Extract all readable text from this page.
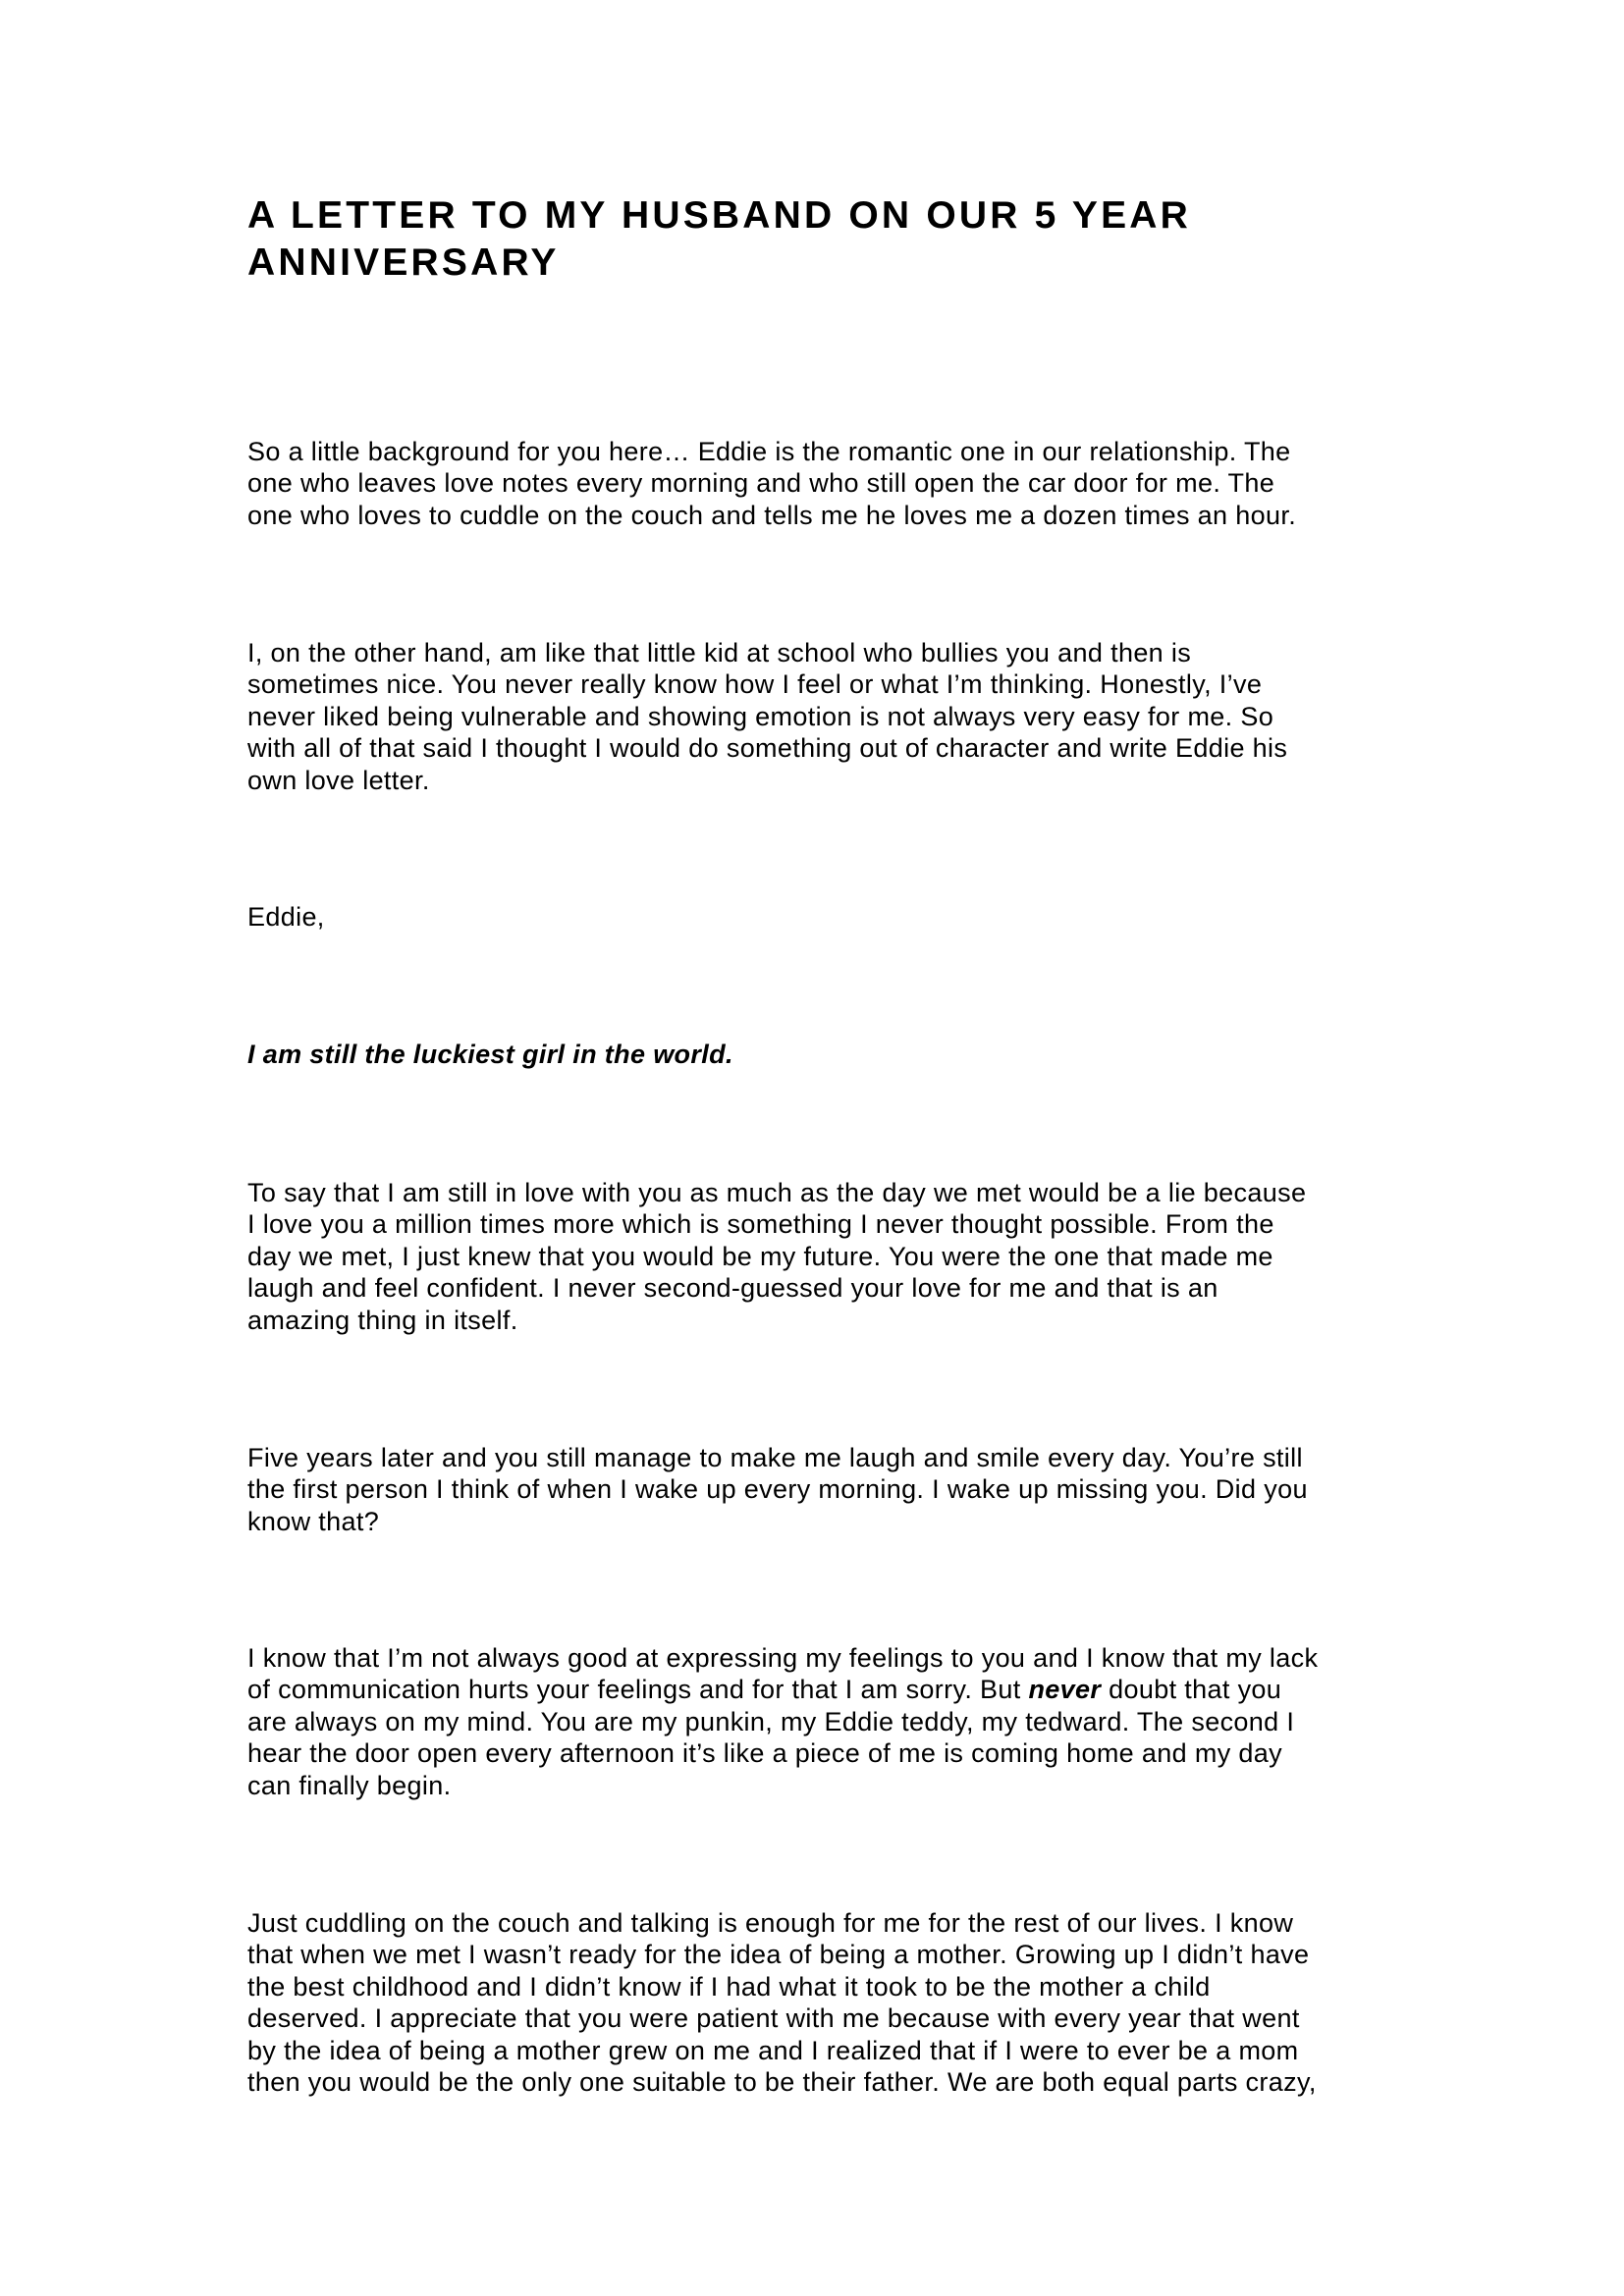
A LETTER TO MY HUSBAND ON OUR 5 YEAR
ANNIVERSARY

So a little background for you here… Eddie is the romantic one in our relationship. The
one who leaves love notes every morning and who still open the car door for me. The
one who loves to cuddle on the couch and tells me he loves me a dozen times an hour.

I, on the other hand, am like that little kid at school who bullies you and then is
sometimes nice. You never really know how I feel or what I’m thinking. Honestly, I’ve
never liked being vulnerable and showing emotion is not always very easy for me. So
with all of that said I thought I would do something out of character and write Eddie his
own love letter.

Eddie,

I am still the luckiest girl in the world.

To say that I am still in love with you as much as the day we met would be a lie because
I love you a million times more which is something I never thought possible. From the
day we met, I just knew that you would be my future. You were the one that made me
laugh and feel confident. I never second-guessed your love for me and that is an
amazing thing in itself.

Five years later and you still manage to make me laugh and smile every day. You’re still
the first person I think of when I wake up every morning. I wake up missing you. Did you
know that?

I know that I’m not always good at expressing my feelings to you and I know that my lack
of communication hurts your feelings and for that I am sorry. But never doubt that you
are always on my mind. You are my punkin, my Eddie teddy, my tedward. The second I
hear the door open every afternoon it’s like a piece of me is coming home and my day
can finally begin.

Just cuddling on the couch and talking is enough for me for the rest of our lives. I know
that when we met I wasn’t ready for the idea of being a mother. Growing up I didn’t have
the best childhood and I didn’t know if I had what it took to be the mother a child
deserved. I appreciate that you were patient with me because with every year that went
by the idea of being a mother grew on me and I realized that if I were to ever be a mom
then you would be the only one suitable to be their father. We are both equal parts crazy,
